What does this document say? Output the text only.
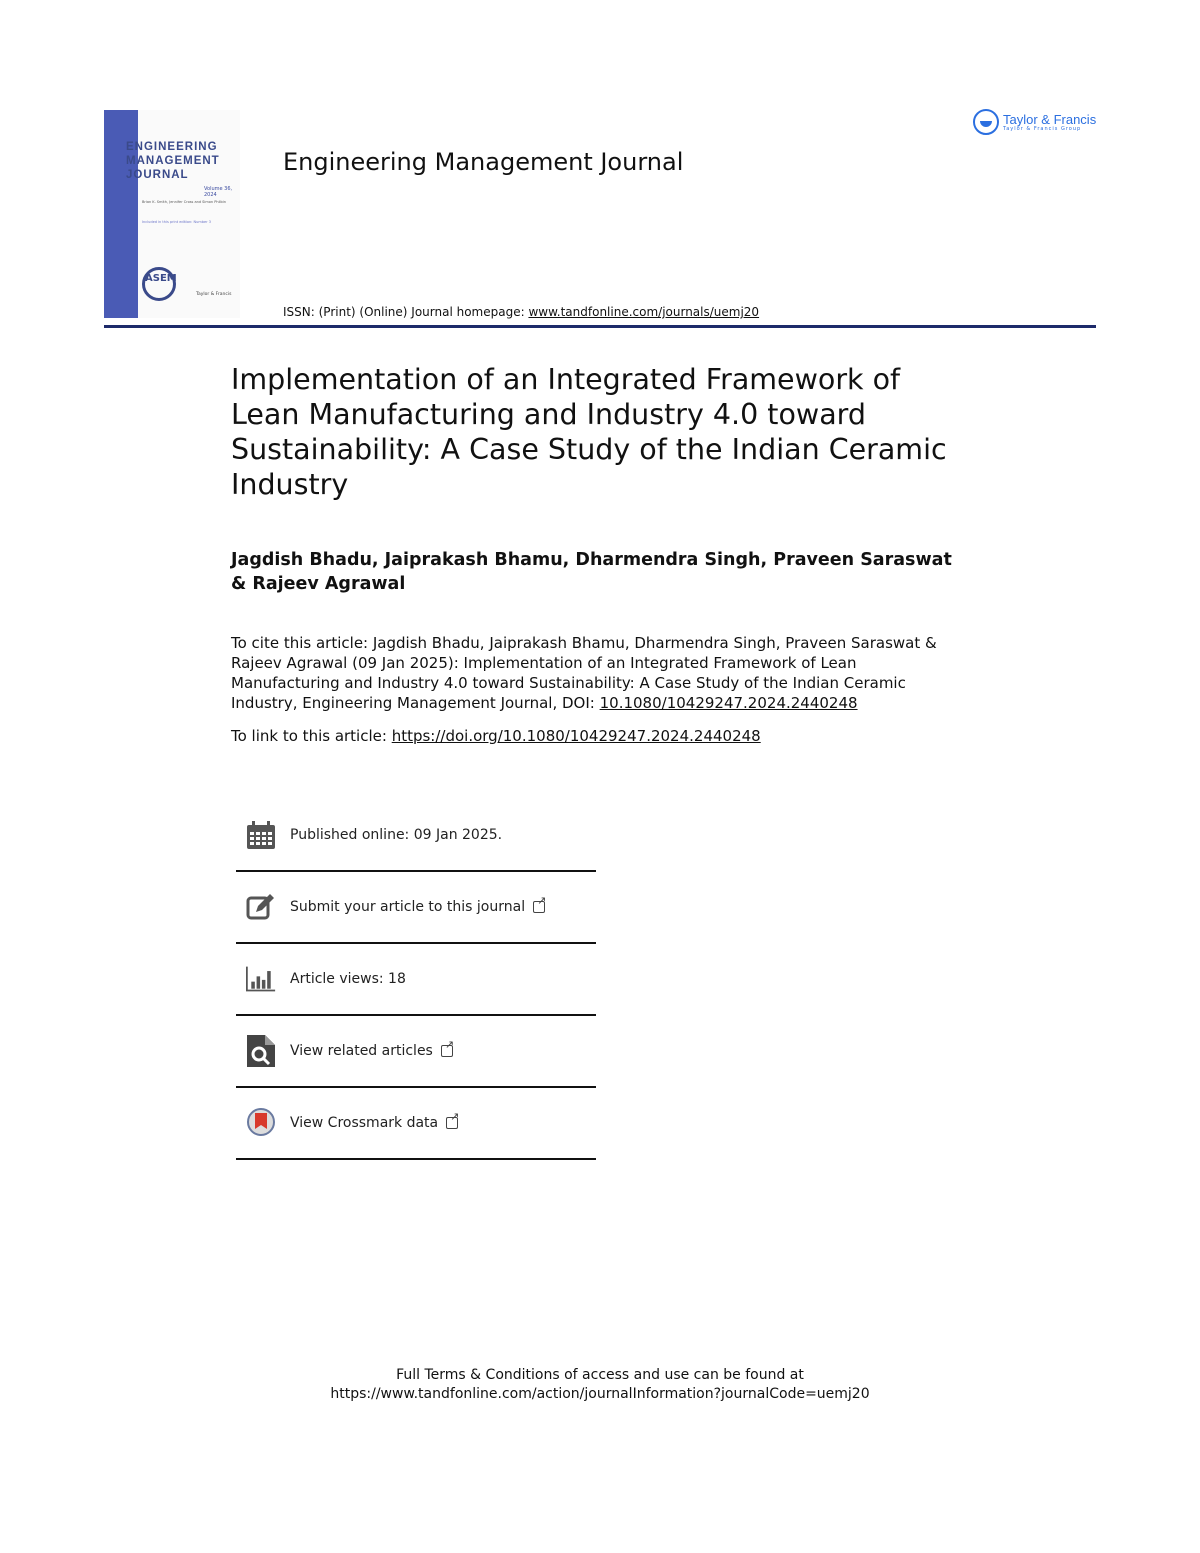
ENGINEERING
MANAGEMENT
JOURNAL
Volume 36, 2024
Brian K. Smith, Jennifer Cross and Simon Philbin
Included in this print edition: Number 3
ASEM
Taylor & Francis
Engineering Management Journal
ISSN: (Print) (Online) Journal homepage: www.tandfonline.com/journals/uemj20
Taylor & Francis
Taylor & Francis Group
Implementation of an Integrated Framework of Lean Manufacturing and Industry 4.0 toward Sustainability: A Case Study of the Indian Ceramic Industry
Jagdish Bhadu, Jaiprakash Bhamu, Dharmendra Singh, Praveen Saraswat & Rajeev Agrawal
To cite this article: Jagdish Bhadu, Jaiprakash Bhamu, Dharmendra Singh, Praveen Saraswat & Rajeev Agrawal (09 Jan 2025): Implementation of an Integrated Framework of Lean Manufacturing and Industry 4.0 toward Sustainability: A Case Study of the Indian Ceramic Industry, Engineering Management Journal, DOI: 10.1080/10429247.2024.2440248
To link to this article: https://doi.org/10.1080/10429247.2024.2440248
Published online: 09 Jan 2025.
Submit your article to this journal
↗
Article views: 18
View related articles
↗
View Crossmark data
↗
Full Terms & Conditions of access and use can be found at
https://www.tandfonline.com/action/journalInformation?journalCode=uemj20
